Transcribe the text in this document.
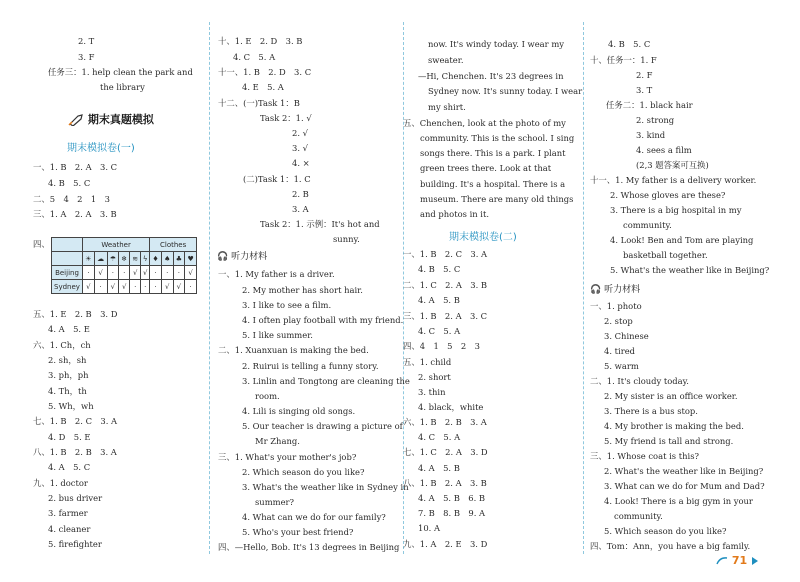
2. T
3. F
任务三：1. help clean the park and
the library
期末真题模拟
期末模拟卷(一)
一、1. B　2. A　3. C
4. B　5. C
二、5　4　2　1　3
三、1. A　2. A　3. B
四、
		Weather						Clothes			
	☀	☁	☂	❄	≋	ϟ	♦	♠	♣	♥
Beijing	·	√	·	·	√	√	·	·	·	√
Sydney	√	·	√	√	·	·	·	√	√	·
五、1. E　2. B　3. D
4. A　5. E
六、1. Ch，ch
2. sh，sh
3. ph，ph
4. Th，th
5. Wh，wh
七、1. B　2. C　3. A
4. D　5. E
八、1. B　2. B　3. A
4. A　5. C
九、1. doctor
2. bus driver
3. farmer
4. cleaner
5. firefighter
十、1. E　2. D　3. B
4. C　5. A
十一、1. B　2. D　3. C
4. E　5. A
十二、(一)Task 1：B
Task 2：1. √
2. √
3. √
4. ×
(二)Task 1：1. C
2. B
3. A
Task 2：1. 示例：It's hot and
sunny.
🎧 听力材料
一、1. My father is a driver.
2. My mother has short hair.
3. I like to see a film.
4. I often play football with my friend.
5. I like summer.
二、1. Xuanxuan is making the bed.
2. Ruirui is telling a funny story.
3. Linlin and Tongtong are cleaning the
room.
4. Lili is singing old songs.
5. Our teacher is drawing a picture of
Mr Zhang.
三、1. What's your mother's job?
2. Which season do you like?
3. What's the weather like in Sydney in
summer?
4. What can we do for our family?
5. Who's your best friend?
四、—Hello, Bob. It's 13 degrees in Beijing
now. It's windy today. I wear my
sweater.
—Hi, Chenchen. It's 23 degrees in
Sydney now. It's sunny today. I wear
my shirt.
五、Chenchen, look at the photo of my
community. This is the school. I sing
songs there. This is a park. I plant
green trees there. Look at that
building. It's a hospital. There is a
museum. There are many old things
and photos in it.
期末模拟卷(二)
一、1. B　2. C　3. A
4. B　5. C
二、1. C　2. A　3. B
4. A　5. B
三、1. B　2. A　3. C
4. C　5. A
四、4　1　5　2　3
五、1. child
2. short
3. thin
4. black，white
六、1. B　2. B　3. A
4. C　5. A
七、1. C　2. A　3. D
4. A　5. B
八、1. B　2. A　3. B
4. A　5. B　6. B
7. B　8. B　9. A
10. A
九、1. A　2. E　3. D
4. B　5. C
十、任务一：1. F
2. F
3. T
任务二：1. black hair
2. strong
3. kind
4. sees a film
(2,3 题答案可互换)
十一、1. My father is a delivery worker.
2. Whose gloves are these?
3. There is a big hospital in my
community.
4. Look! Ben and Tom are playing
basketball together.
5. What's the weather like in Beijing?
🎧 听力材料
一、1. photo
2. stop
3. Chinese
4. tired
5. warm
二、1. It's cloudy today.
2. My sister is an office worker.
3. There is a bus stop.
4. My brother is making the bed.
5. My friend is tall and strong.
三、1. Whose coat is this?
2. What's the weather like in Beijing?
3. What can we do for Mum and Dad?
4. Look! There is a big gym in your
community.
5. Which season do you like?
四、Tom：Ann，you have a big family.
71
